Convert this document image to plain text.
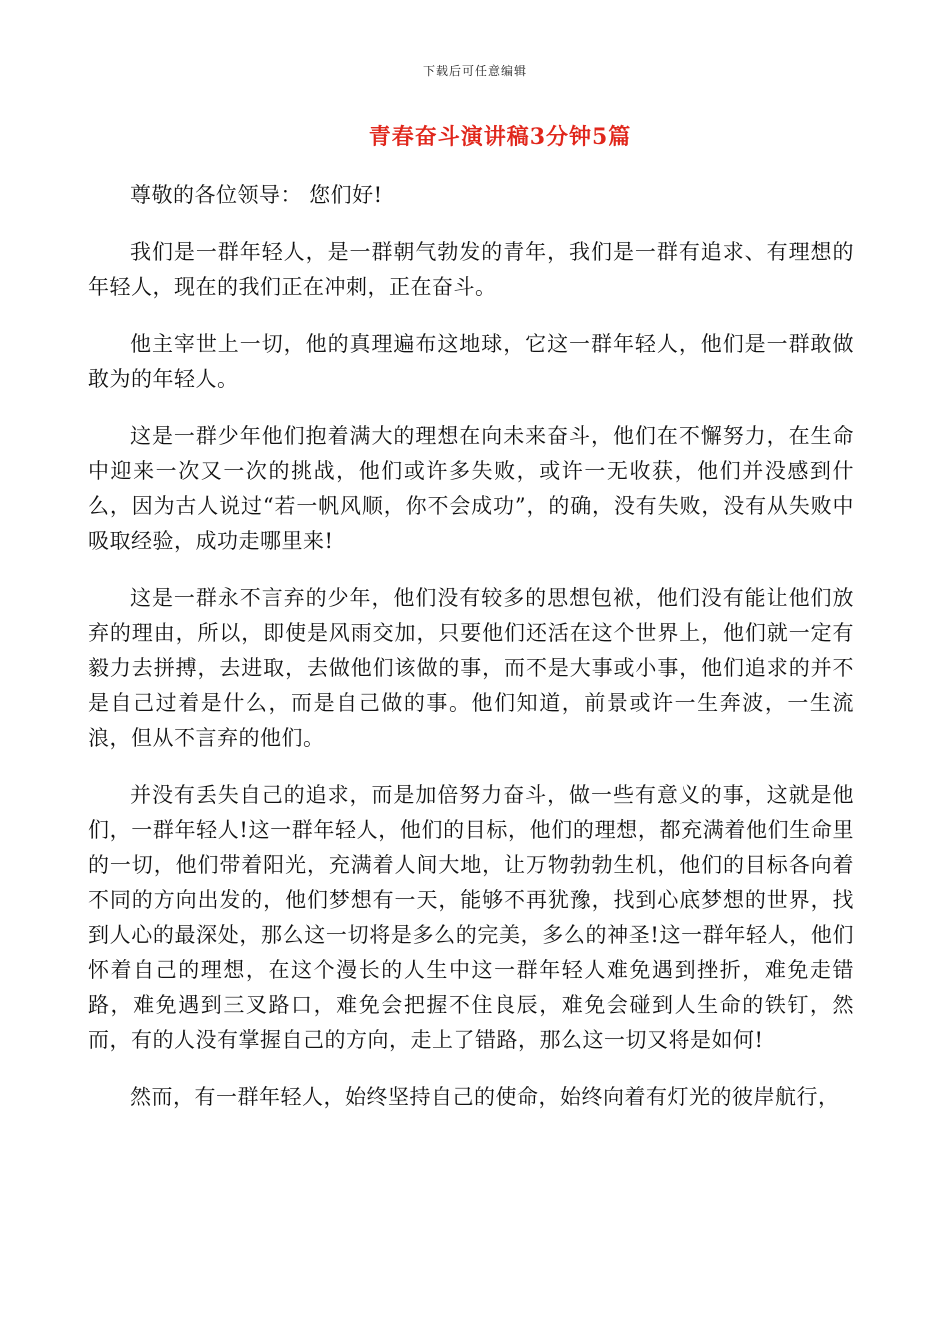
下载后可任意编辑
青春奋斗演讲稿3分钟5篇

尊敬的各位领导： 您们好!

我们是一群年轻人，是一群朝气勃发的青年，我们是一群有追求、有理想的年轻人，现在的我们正在冲刺，正在奋斗。

他主宰世上一切，他的真理遍布这地球，它这一群年轻人，他们是一群敢做敢为的年轻人。

这是一群少年他们抱着满大的理想在向未来奋斗，他们在不懈努力，在生命中迎来一次又一次的挑战，他们或许多失败，或许一无收获，他们并没感到什么，因为古人说过“若一帆风顺，你不会成功”，的确，没有失败，没有从失败中吸取经验，成功走哪里来!

这是一群永不言弃的少年，他们没有较多的思想包袱，他们没有能让他们放弃的理由，所以，即使是风雨交加，只要他们还活在这个世界上，他们就一定有毅力去拼搏，去进取，去做他们该做的事，而不是大事或小事，他们追求的并不是自己过着是什么，而是自己做的事。他们知道，前景或许一生奔波，一生流浪，但从不言弃的他们。

并没有丢失自己的追求，而是加倍努力奋斗，做一些有意义的事，这就是他们，一群年轻人!这一群年轻人，他们的目标，他们的理想，都充满着他们生命里的一切，他们带着阳光，充满着人间大地，让万物勃勃生机，他们的目标各向着不同的方向出发的，他们梦想有一天，能够不再犹豫，找到心底梦想的世界，找到人心的最深处，那么这一切将是多么的完美，多么的神圣!这一群年轻人，他们怀着自己的理想，在这个漫长的人生中这一群年轻人难免遇到挫折，难免走错路，难免遇到三叉路口，难免会把握不住良辰，难免会碰到人生命的铁钉，然而，有的人没有掌握自己的方向，走上了错路，那么这一切又将是如何!

然而，有一群年轻人，始终坚持自己的使命，始终向着有灯光的彼岸航行，
